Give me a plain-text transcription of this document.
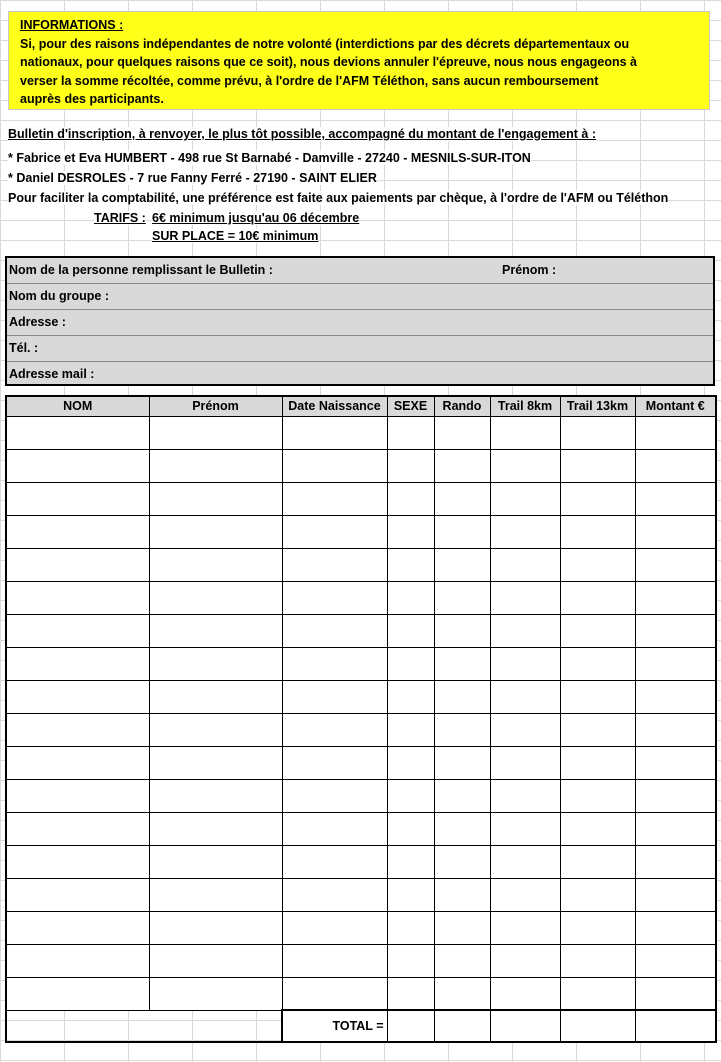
INFORMATIONS :
Si, pour des raisons indépendantes de notre volonté (interdictions par des décrets départementaux ou
nationaux, pour quelques raisons que ce soit), nous devions annuler l'épreuve, nous nous engageons à
verser la somme récoltée, comme prévu, à l'ordre de l'AFM Téléthon, sans aucun remboursement
auprès des participants.
Bulletin d'inscription, à renvoyer, le plus tôt possible, accompagné du montant de l'engagement à :
* Fabrice et Eva HUMBERT - 498 rue St Barnabé - Damville - 27240 - MESNILS-SUR-ITON
* Daniel DESROLES - 7 rue Fanny Ferré - 27190 - SAINT ELIER
Pour faciliter la comptabilité, une préférence est faite aux paiements par chèque, à l'ordre de l'AFM ou Téléthon
TARIFS : 6€ minimum jusqu'au 06 décembre
SUR PLACE = 10€ minimum
Nom de la personne remplissant le Bulletin :	Prénom :
Nom du groupe :
Adresse :
Tél. :
Adresse mail :
NOM	Prénom	Date Naissance	SEXE	Rando	Trail 8km	Trail 13km	Montant €

		TOTAL =					
